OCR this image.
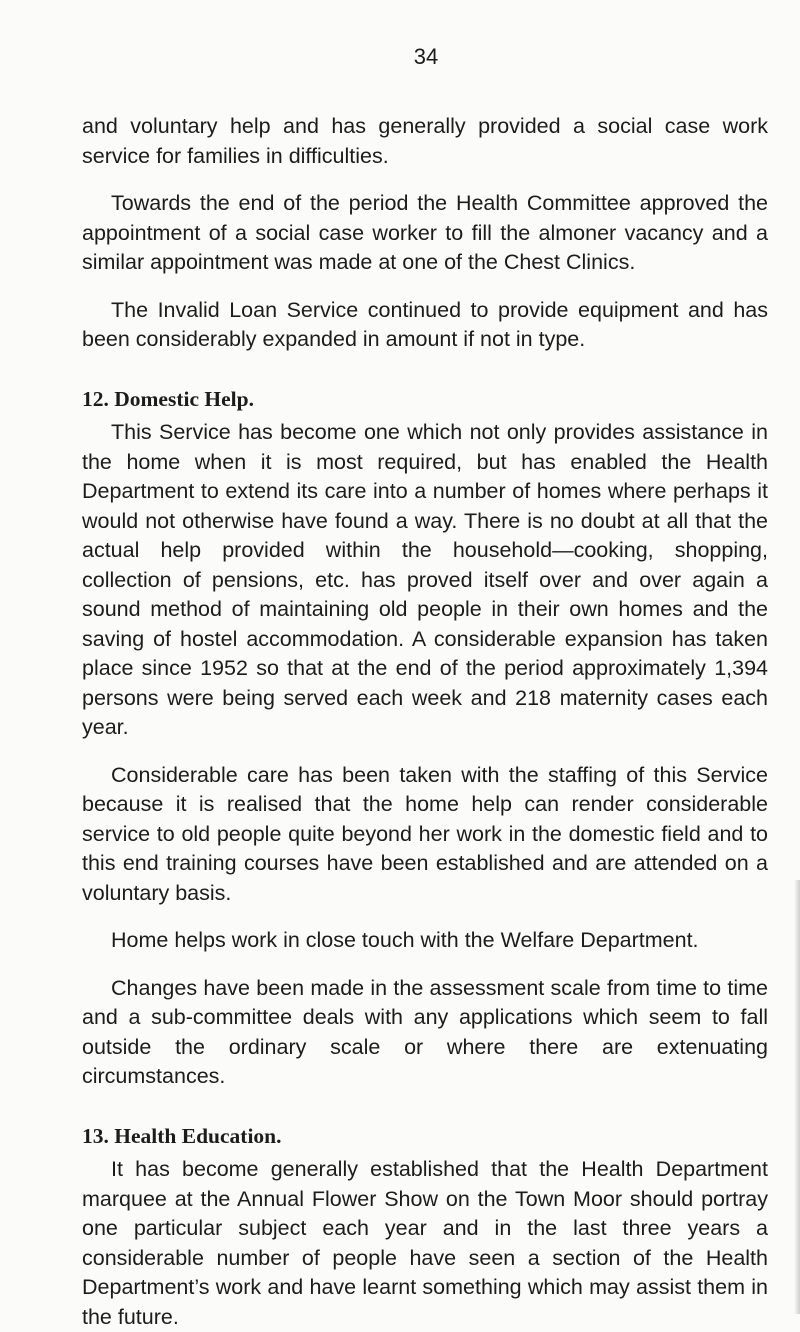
34

and voluntary help and has generally provided a social case work service for families in difficulties.

Towards the end of the period the Health Committee approved the appointment of a social case worker to fill the almoner vacancy and a similar appointment was made at one of the Chest Clinics.

The Invalid Loan Service continued to provide equipment and has been considerably expanded in amount if not in type.

12. Domestic Help.

This Service has become one which not only provides assistance in the home when it is most required, but has enabled the Health Department to extend its care into a number of homes where perhaps it would not otherwise have found a way. There is no doubt at all that the actual help provided within the household—cooking, shopping, collection of pensions, etc. has proved itself over and over again a sound method of maintaining old people in their own homes and the saving of hostel accommodation. A considerable expansion has taken place since 1952 so that at the end of the period approximately 1,394 persons were being served each week and 218 maternity cases each year.

Considerable care has been taken with the staffing of this Service because it is realised that the home help can render considerable service to old people quite beyond her work in the domestic field and to this end training courses have been established and are attended on a voluntary basis.

Home helps work in close touch with the Welfare Department.

Changes have been made in the assessment scale from time to time and a sub-committee deals with any applications which seem to fall outside the ordinary scale or where there are extenuating circumstances.

13. Health Education.

It has become generally established that the Health Department marquee at the Annual Flower Show on the Town Moor should portray one particular subject each year and in the last three years a considerable number of people have seen a section of the Health Department’s work and have learnt something which may assist them in the future.
